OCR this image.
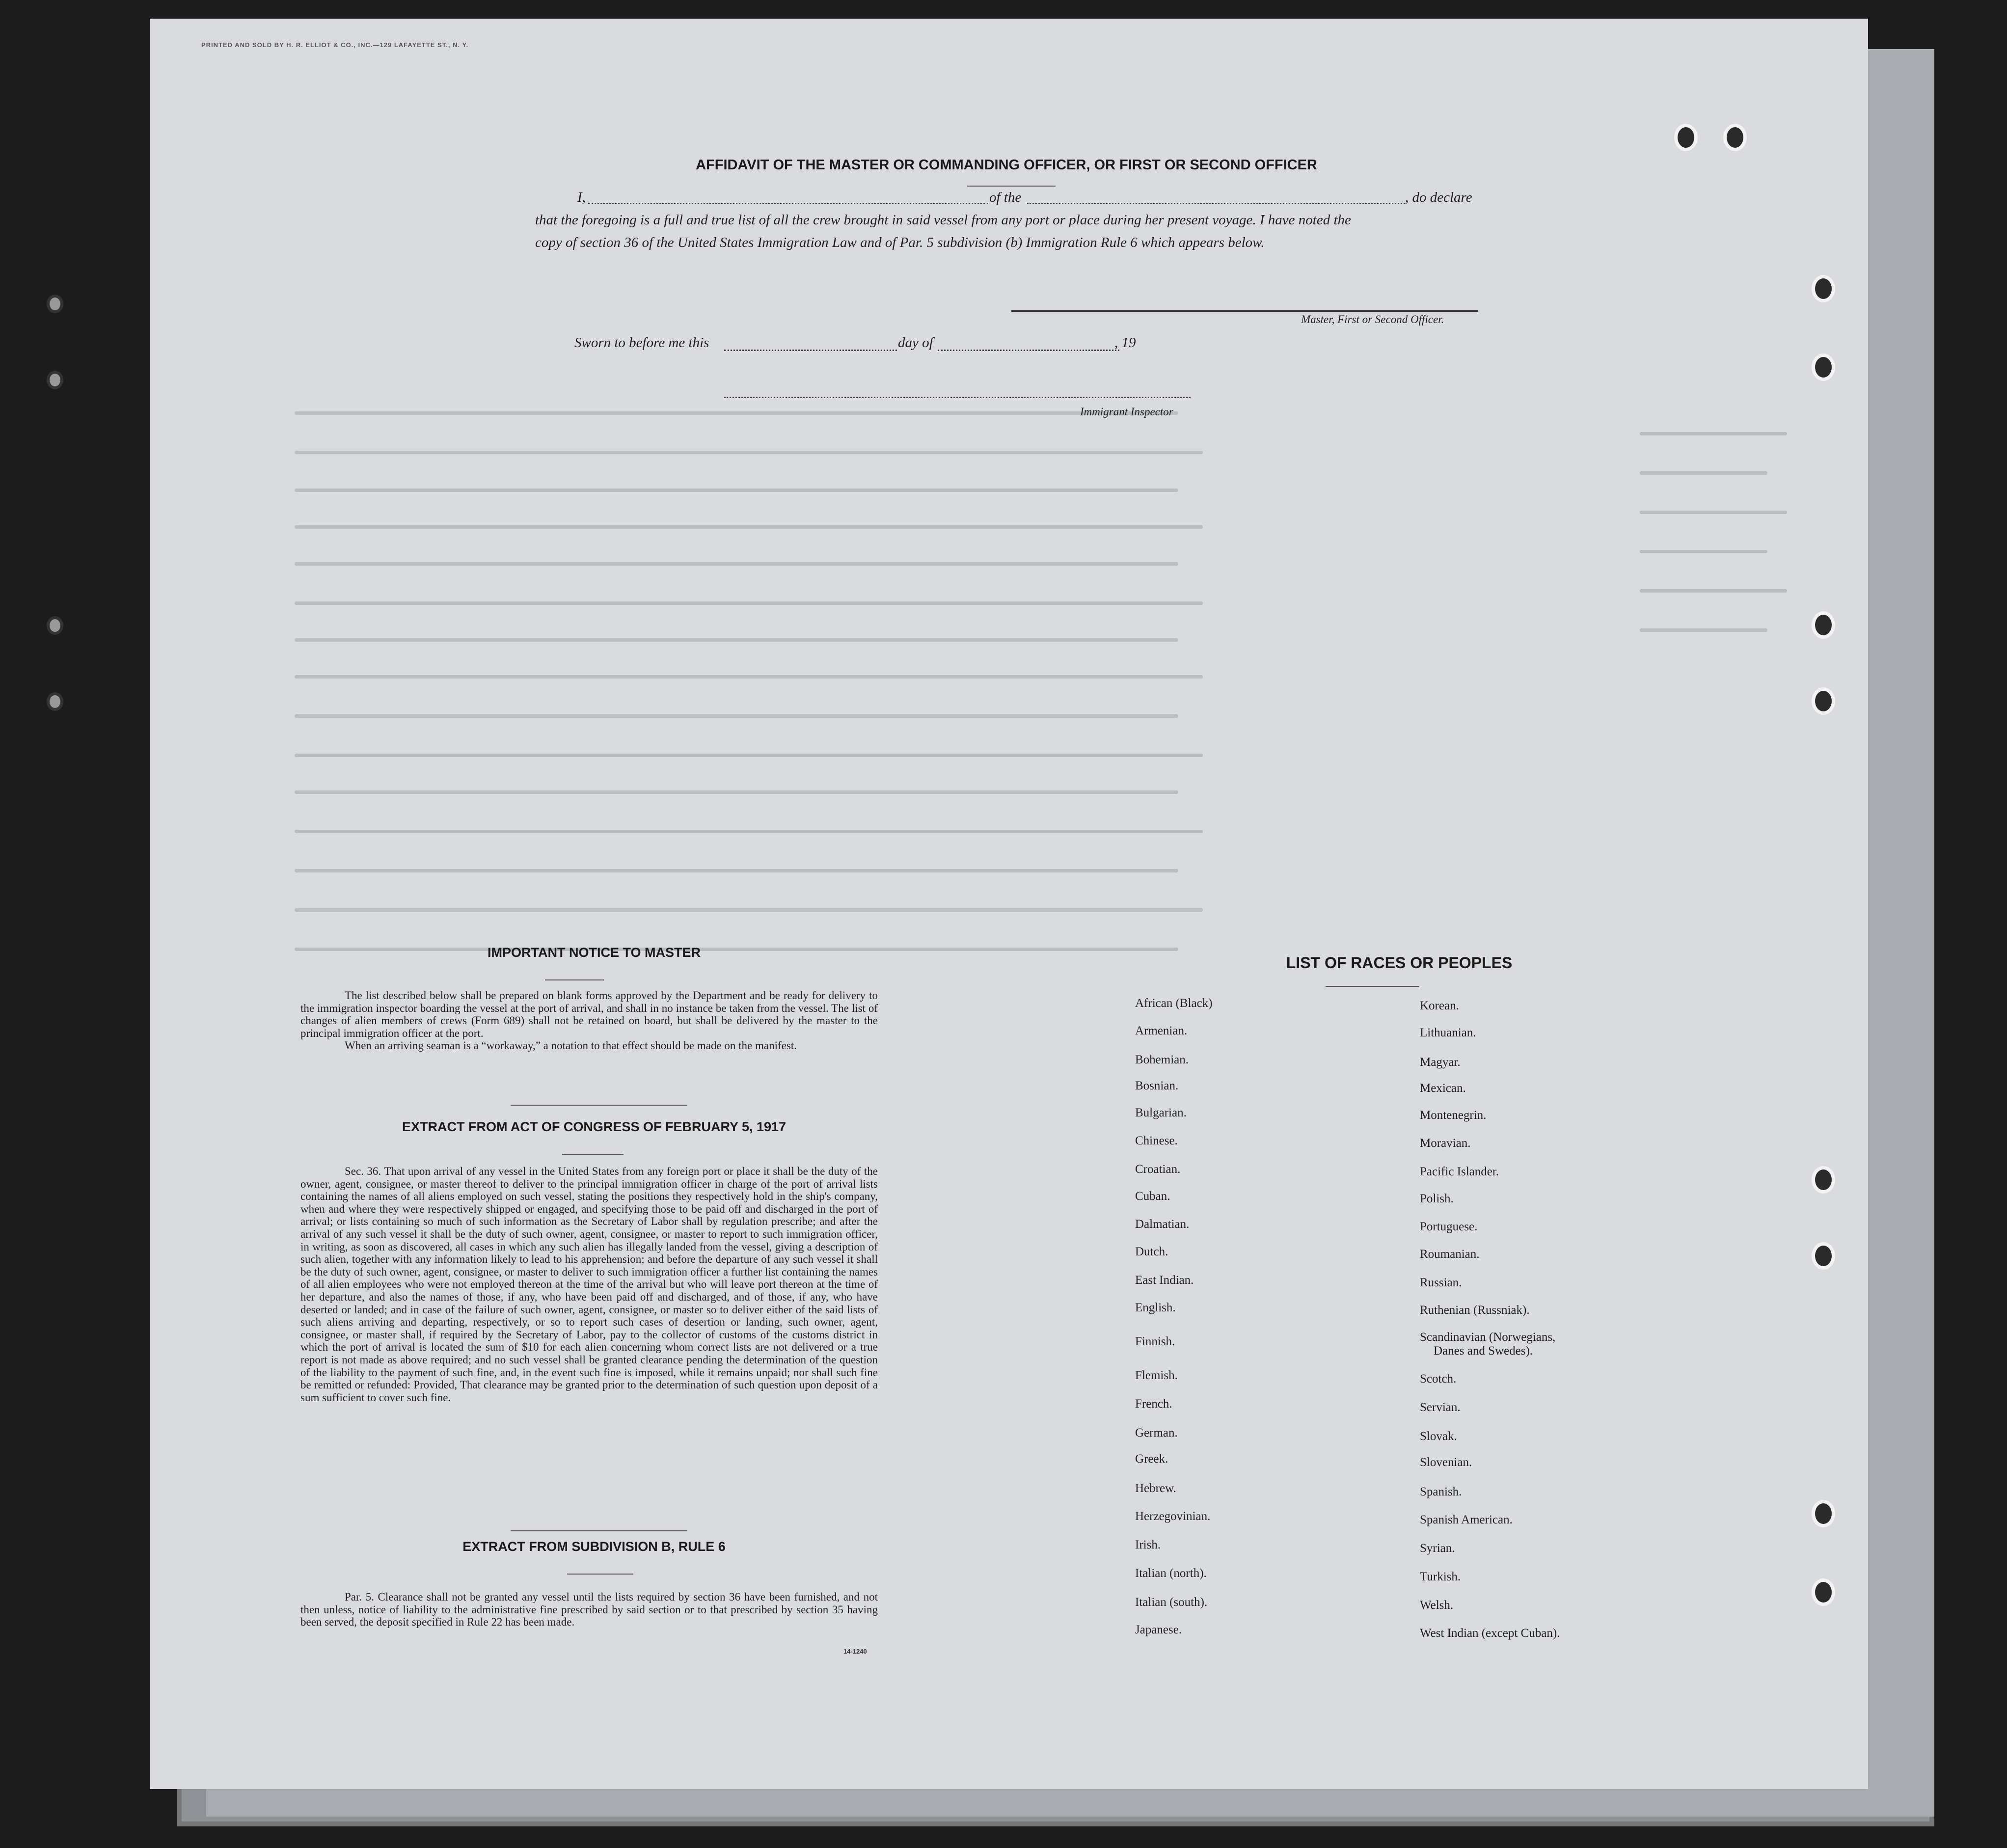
PRINTED AND SOLD BY H. R. ELLIOT & CO., INC.—129 LAFAYETTE ST., N. Y.
AFFIDAVIT OF THE MASTER OR COMMANDING OFFICER, OR FIRST OR SECOND OFFICER
I,	of the	, do declare
that the foregoing is a full and true list of all the crew brought in said vessel from any port or place during her present voyage. I have noted the
copy of section 36 of the United States Immigration Law and of Par. 5 subdivision (b) Immigration Rule 6 which appears below.
Master, First or Second Officer.
Sworn to before me this	day of	, 19
Immigrant Inspector
IMPORTANT NOTICE TO MASTER

The list described below shall be prepared on blank forms approved by the Department and be ready for delivery to the immigration inspector boarding the vessel at the port of arrival, and shall in no instance be taken from the vessel. The list of changes of alien members of crews (Form 689) shall not be retained on board, but shall be delivered by the master to the principal immigration officer at the port.

When an arriving seaman is a “workaway,” a notation to that effect should be made on the manifest.

EXTRACT FROM ACT OF CONGRESS OF FEBRUARY 5, 1917

Sec. 36. That upon arrival of any vessel in the United States from any foreign port or place it shall be the duty of the owner, agent, consignee, or master thereof to deliver to the principal immigration officer in charge of the port of arrival lists containing the names of all aliens employed on such vessel, stating the positions they respectively hold in the ship's company, when and where they were respectively shipped or engaged, and specifying those to be paid off and discharged in the port of arrival; or lists containing so much of such information as the Secretary of Labor shall by regulation prescribe; and after the arrival of any such vessel it shall be the duty of such owner, agent, consignee, or master to report to such immigration officer, in writing, as soon as discovered, all cases in which any such alien has illegally landed from the vessel, giving a description of such alien, together with any information likely to lead to his apprehension; and before the departure of any such vessel it shall be the duty of such owner, agent, consignee, or master to deliver to such immigration officer a further list containing the names of all alien employees who were not employed thereon at the time of the arrival but who will leave port thereon at the time of her departure, and also the names of those, if any, who have been paid off and discharged, and of those, if any, who have deserted or landed; and in case of the failure of such owner, agent, consignee, or master so to deliver either of the said lists of such aliens arriving and departing, respectively, or so to report such cases of desertion or landing, such owner, agent, consignee, or master shall, if required by the Secretary of Labor, pay to the collector of customs of the customs district in which the port of arrival is located the sum of $10 for each alien concerning whom correct lists are not delivered or a true report is not made as above required; and no such vessel shall be granted clearance pending the determination of the question of the liability to the payment of such fine, and, in the event such fine is imposed, while it remains unpaid; nor shall such fine be remitted or refunded: Provided, That clearance may be granted prior to the determination of such question upon deposit of a sum sufficient to cover such fine.

EXTRACT FROM SUBDIVISION B, RULE 6

Par. 5. Clearance shall not be granted any vessel until the lists required by section 36 have been furnished, and not then unless, notice of liability to the administrative fine prescribed by said section or to that prescribed by section 35 having been served, the deposit specified in Rule 22 has been made.

14-1240
LIST OF RACES OR PEOPLES
African (Black)
Armenian.
Bohemian.
Bosnian.
Bulgarian.
Chinese.
Croatian.
Cuban.
Dalmatian.
Dutch.
East Indian.
English.
Finnish.
Flemish.
French.
German.
Greek.
Hebrew.
Herzegovinian.
Irish.
Italian (north).
Italian (south).
Japanese.
Korean.
Lithuanian.
Magyar.
Mexican.
Montenegrin.
Moravian.
Pacific Islander.
Polish.
Portuguese.
Roumanian.
Russian.
Ruthenian (Russniak).
Scandinavian (Norwegians,
Danes and Swedes).
Scotch.
Servian.
Slovak.
Slovenian.
Spanish.
Spanish American.
Syrian.
Turkish.
Welsh.
West Indian (except Cuban).
